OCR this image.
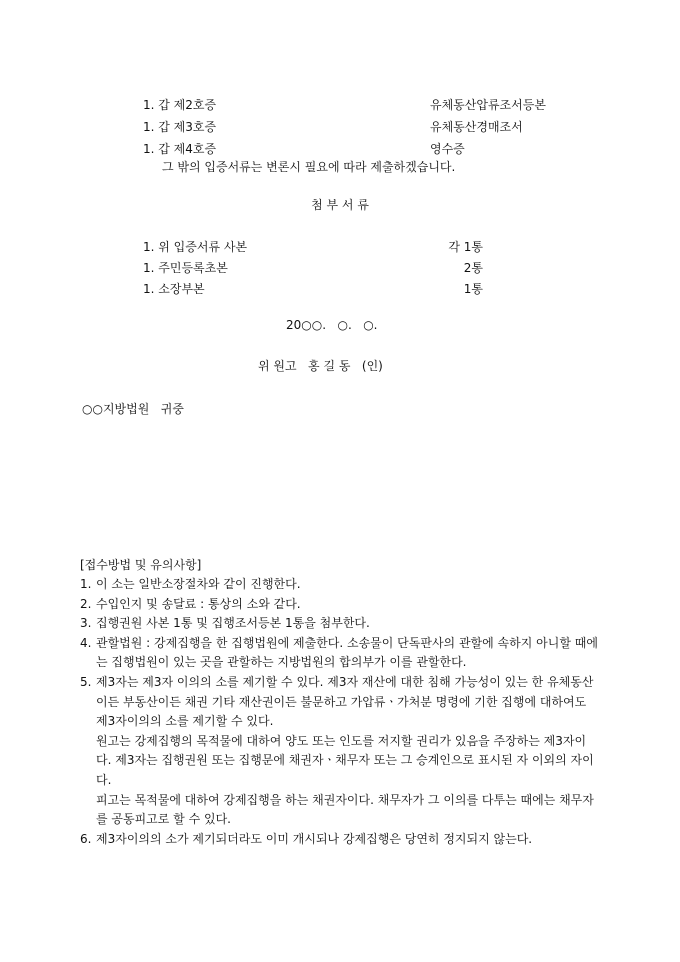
1. 갑 제2호증	유체동산압류조서등본
1. 갑 제3호증	유체동산경매조서
1. 갑 제4호증	영수증
그 밖의 입증서류는 변론시 필요에 따라 제출하겠습니다.
첨 부 서 류
1. 위 입증서류 사본	각 1통
1. 주민등록초본	2통
1. 소장부본	1통
20○○.   ○.   ○.
위 원고   홍 길 동   (인)
○○지방법원   귀중
[접수방법 및 유의사항]
1. 이 소는 일반소장절차와 같이 진행한다.

2. 수입인지 및 송달료 : 통상의 소와 같다.

3. 집행권원 사본 1통 및 집행조서등본 1통을 첨부한다.

4. 관할법원 : 강제집행을 한 집행법원에 제출한다. 소송물이 단독판사의 관할에 속하지 아니할 때에는 집행법원이 있는 곳을 관할하는 지방법원의 합의부가 이를 관할한다.

5. 제3자는 제3자 이의의 소를 제기할 수 있다. 제3자 재산에 대한 침해 가능성이 있는 한 유체동산이든 부동산이든 채권 기타 재산권이든 불문하고 가압류ㆍ가처분 명령에 기한 집행에 대하여도 제3자이의의 소를 제기할 수 있다.

원고는 강제집행의 목적물에 대하여 양도 또는 인도를 저지할 권리가 있음을 주장하는 제3자이다. 제3자는 집행권원 또는 집행문에 채권자ㆍ채무자 또는 그 승계인으로 표시된 자 이외의 자이다.

피고는 목적물에 대하여 강제집행을 하는 채권자이다. 채무자가 그 이의를 다투는 때에는 채무자를 공동피고로 할 수 있다.

6. 제3자이의의 소가 제기되더라도 이미 개시되나 강제집행은 당연히 정지되지 않는다.
